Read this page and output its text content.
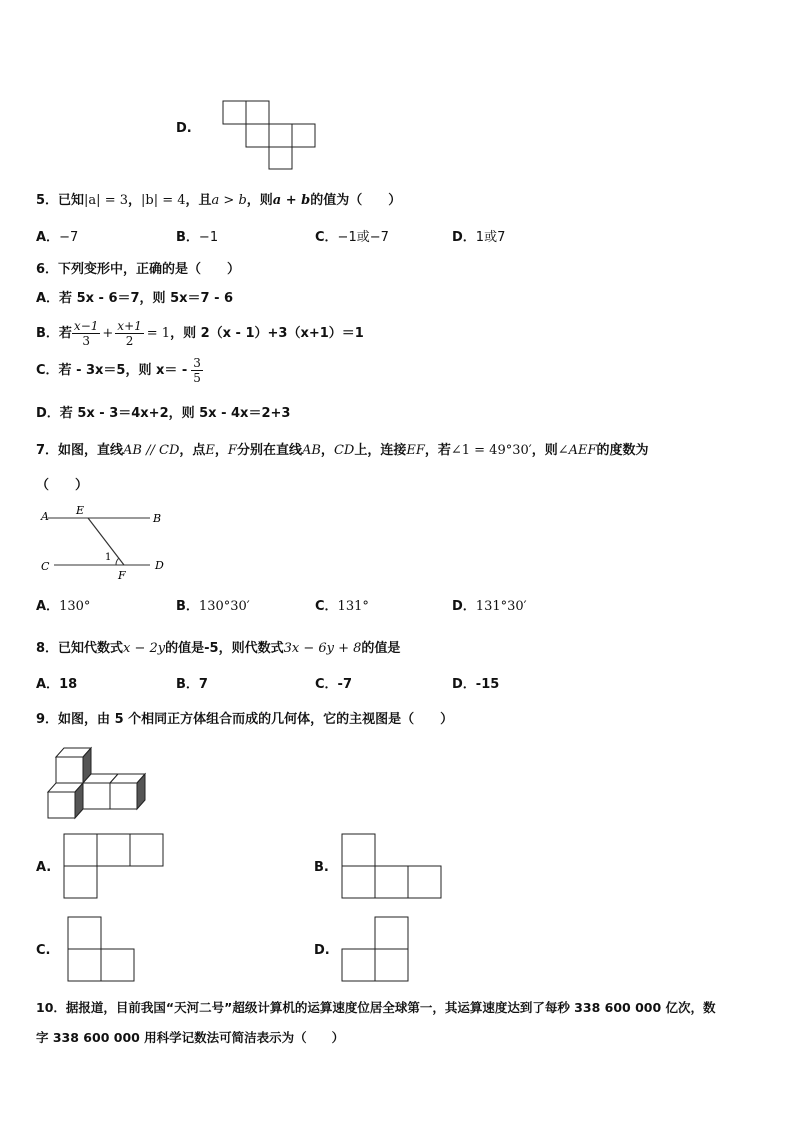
D.
5．已知|a| = 3，|b| = 4，且a > b，则a + b的值为（　　）
A．−7	B．−1	C．−1或−7	D．1或7
6．下列变形中，正确的是（　　）
A．若 5x - 6＝7，则 5x＝7 - 6
B．若 $\frac{x-1}{3} + \frac{x+1}{2} = 1$ ，则 2（x - 1）+3（x+1）＝1
C．若 - 3x＝5，则 $x= - \frac{3}{5}$
D．若 5x - 3＝4x+2，则 5x - 4x＝2+3
7．如图，直线AB // CD，点E，F分别在直线AB，CD上，连接EF，若∠1 = 49°30′，则∠AEF的度数为
（　　）
A E
B
C	D
F
1
A．130°	B．130°30′	C．131°	D．131°30′
8．已知代数式x − 2y的值是-5，则代数式3x − 6y + 8的值是
A．18	B．7	C．-7	D．-15
9．如图，由 5 个相同正方体组合而成的几何体，它的主视图是（　　）
A.	B.
C.	D.
10．据报道，目前我国“天河二号”超级计算机的运算速度位居全球第一，其运算速度达到了每秒 338 600 000 亿次，数
字 338 600 000 用科学记数法可简洁表示为（　　）
